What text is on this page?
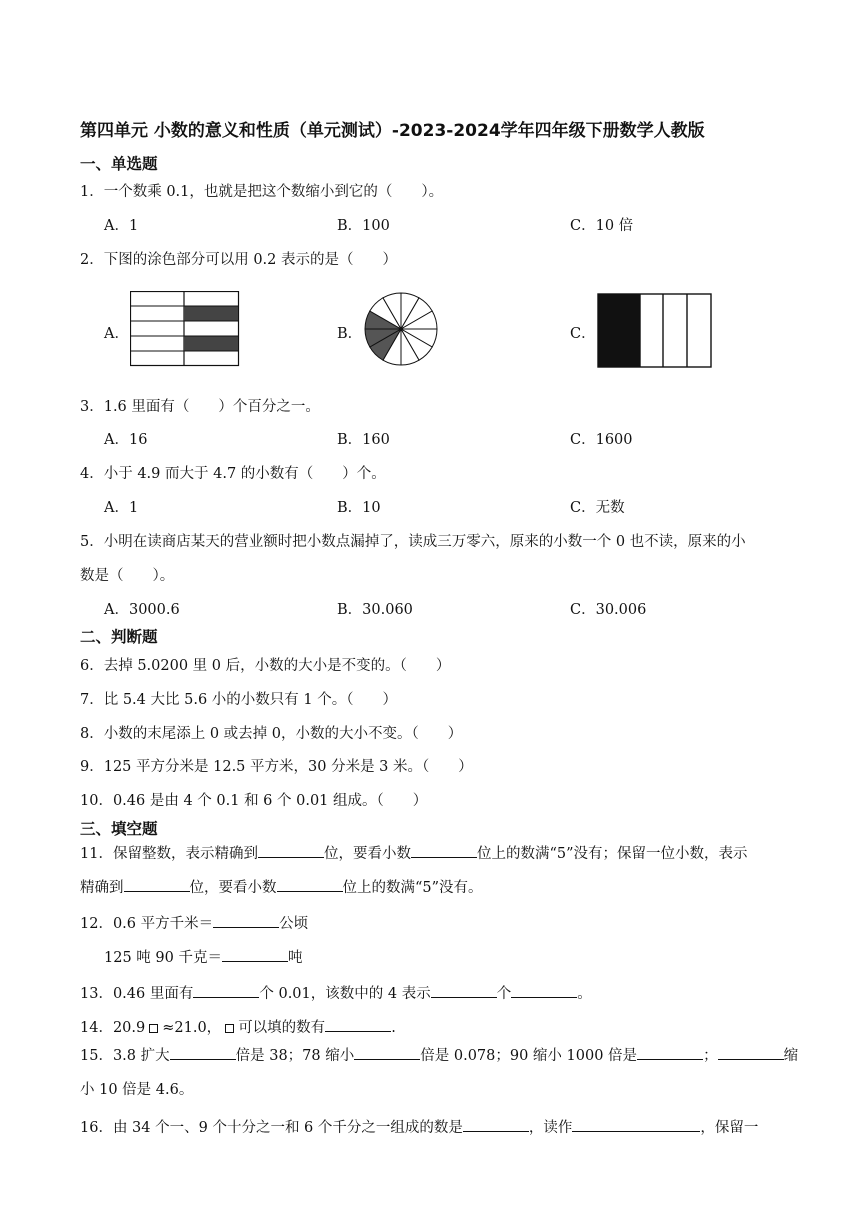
第四单元 小数的意义和性质（单元测试）-2023-2024学年四年级下册数学人教版
一、单选题
1．一个数乘 0.1，也就是把这个数缩小到它的（　　）。
A．1	B．100	C．10 倍
2．下图的涂色部分可以用 0.2 表示的是（　　）
A．	B．	C．
3．1.6 里面有（　　）个百分之一。
A．16	B．160	C．1600
4．小于 4.9 而大于 4.7 的小数有（　　）个。
A．1	B．10	C．无数
5．小明在读商店某天的营业额时把小数点漏掉了，读成三万零六，原来的小数一个 0 也不读，原来的小
数是（　　）。
A．3000.6	B．30.060	C．30.006
二、判断题
6．去掉 5.0200 里 0 后，小数的大小是不变的。（　　）
7．比 5.4 大比 5.6 小的小数只有 1 个。（　　）
8．小数的末尾添上 0 或去掉 0，小数的大小不变。（　　）
9．125 平方分米是 12.5 平方米，30 分米是 3 米。（　　）
10．0.46 是由 4 个 0.1 和 6 个 0.01 组成。（　　）
三、填空题
11．保留整数，表示精确到	位，要看小数	位上的数满“5”没有；保留一位小数，表示
精确到	位，要看小数	位上的数满“5”没有。
12．0.6 平方千米＝	公顷
125 吨 90 千克＝	吨
13．0.46 里面有	个 0.01，该数中的 4 表示	个	。
14．20.9 ≈21.0， 可以填的数有	.
15．3.8 扩大	倍是 38；78 缩小	倍是 0.078；90 缩小 1000 倍是	；	缩
小 10 倍是 4.6。
16．由 34 个一、9 个十分之一和 6 个千分之一组成的数是	，读作	，保留一
